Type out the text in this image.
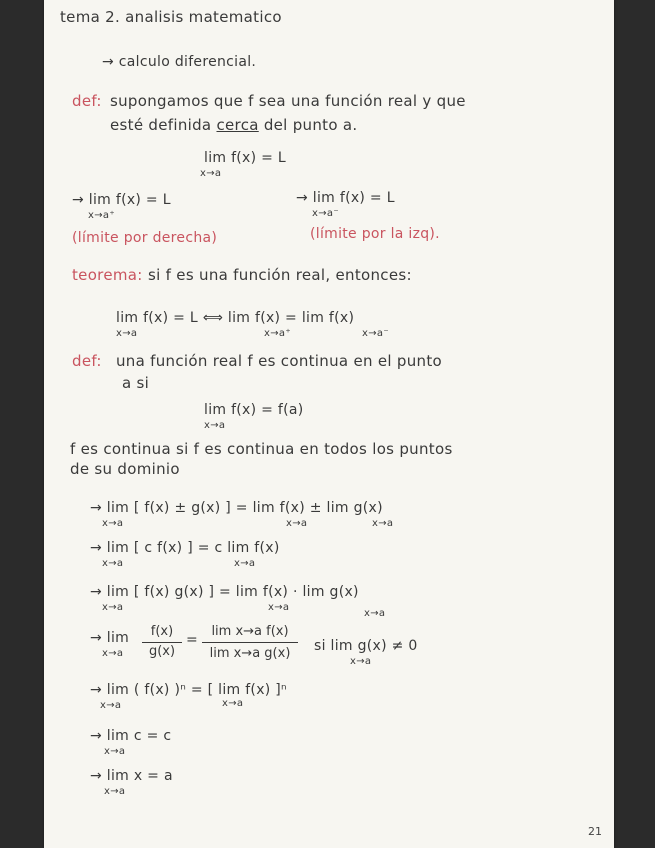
tema 2. analisis matematico
→ calculo diferencial.
def: supongamos que f sea una función real y que
esté definida cerca del punto a.
lim f(x) = L
x→a
→ lim f(x) = L
x→a⁺
→ lim f(x) = L
x→a⁻
(límite por derecha)	(límite por la izq).
teorema: si f es una función real, entonces:
lim f(x) = L ⟺ lim f(x) = lim f(x)
x→a	x→a⁺	x→a⁻
def: una función real f es continua en el punto
a si
lim f(x) = f(a)
x→a
f es continua si f es continua en todos los puntos
de su dominio
→ lim [ f(x) ± g(x) ] = lim f(x) ± lim g(x)
x→a	x→a	x→a
→ lim [ c f(x) ] = c lim f(x)
x→a	x→a
→ lim [ f(x) g(x) ] = lim f(x) · lim g(x)
x→a	x→a
x→a
→ lim
x→a
f(x)
g(x)
=
lim x→a f(x)
lim x→a g(x)	si lim g(x) ≠ 0
x→a
→ lim ( f(x) )ⁿ = [ lim f(x) ]ⁿ
x→a	x→a
→ lim c = c
x→a
→ lim x = a
x→a
21
